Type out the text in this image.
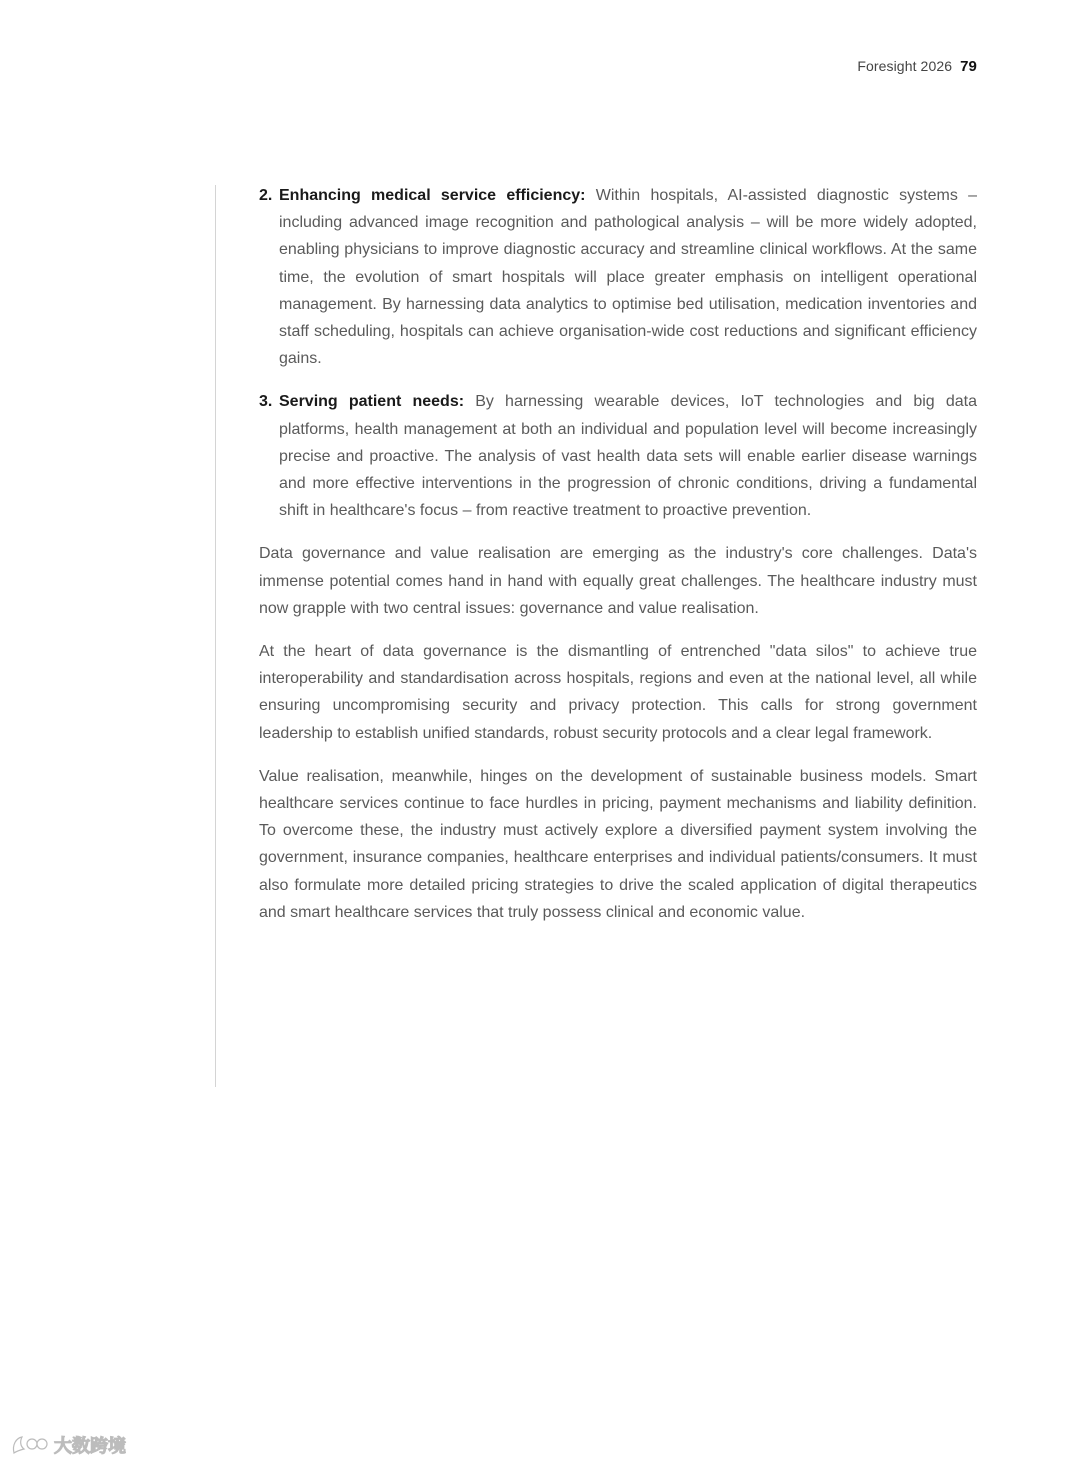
Foresight 2026 79
2. Enhancing medical service efficiency: Within hospitals, AI-assisted diagnostic systems – including advanced image recognition and pathological analysis – will be more widely adopted, enabling physicians to improve diagnostic accuracy and streamline clinical workflows. At the same time, the evolution of smart hospitals will place greater emphasis on intelligent operational management. By harnessing data analytics to optimise bed utilisation, medication inventories and staff scheduling, hospitals can achieve organisation-wide cost reductions and significant efficiency gains.
3. Serving patient needs: By harnessing wearable devices, IoT technologies and big data platforms, health management at both an individual and population level will become increasingly precise and proactive. The analysis of vast health data sets will enable earlier disease warnings and more effective interventions in the progression of chronic conditions, driving a fundamental shift in healthcare's focus – from reactive treatment to proactive prevention.

Data governance and value realisation are emerging as the industry's core challenges. Data's immense potential comes hand in hand with equally great challenges. The healthcare industry must now grapple with two central issues: governance and value realisation.

At the heart of data governance is the dismantling of entrenched "data silos" to achieve true interoperability and standardisation across hospitals, regions and even at the national level, all while ensuring uncompromising security and privacy protection. This calls for strong government leadership to establish unified standards, robust security protocols and a clear legal framework.

Value realisation, meanwhile, hinges on the development of sustainable business models. Smart healthcare services continue to face hurdles in pricing, payment mechanisms and liability definition. To overcome these, the industry must actively explore a diversified payment system involving the government, insurance companies, healthcare enterprises and individual patients/consumers. It must also formulate more detailed pricing strategies to drive the scaled application of digital therapeutics and smart healthcare services that truly possess clinical and economic value.

大数跨境
